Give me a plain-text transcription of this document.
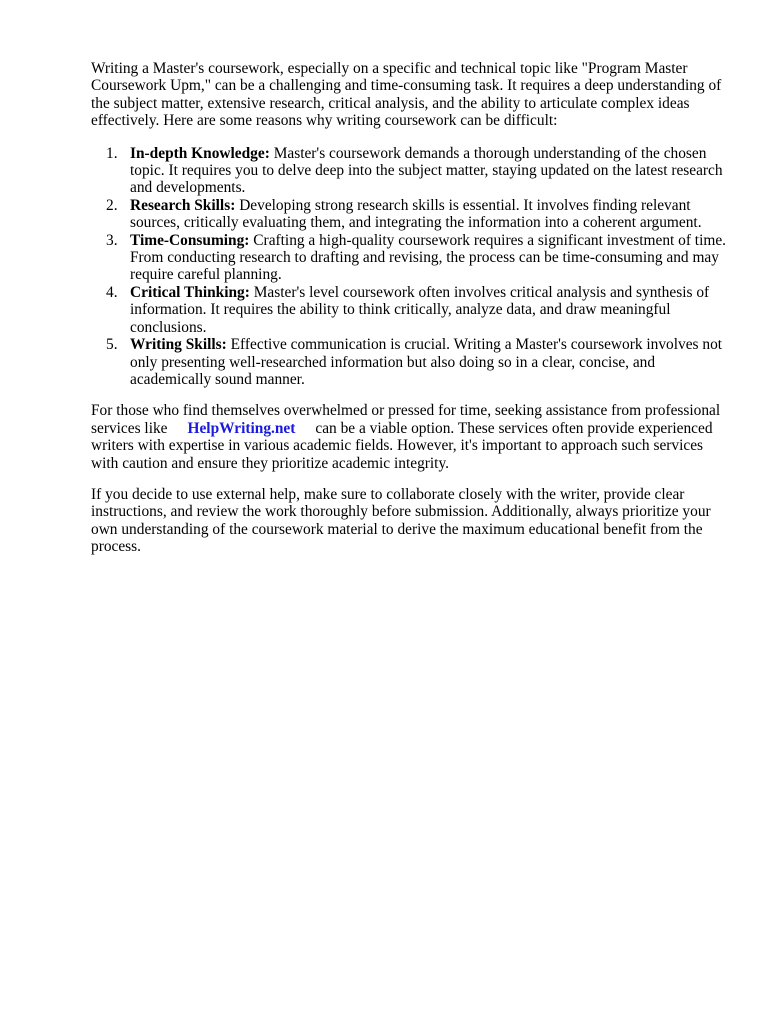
Writing a Master's coursework, especially on a specific and technical topic like "Program Master Coursework Upm," can be a challenging and time-consuming task. It requires a deep understanding of the subject matter, extensive research, critical analysis, and the ability to articulate complex ideas effectively. Here are some reasons why writing coursework can be difficult:

1. In-depth Knowledge: Master's coursework demands a thorough understanding of the chosen topic. It requires you to delve deep into the subject matter, staying updated on the latest research and developments.
2. Research Skills: Developing strong research skills is essential. It involves finding relevant sources, critically evaluating them, and integrating the information into a coherent argument.
3. Time-Consuming: Crafting a high-quality coursework requires a significant investment of time. From conducting research to drafting and revising, the process can be time-consuming and may require careful planning.
4. Critical Thinking: Master's level coursework often involves critical analysis and synthesis of information. It requires the ability to think critically, analyze data, and draw meaningful conclusions.
5. Writing Skills: Effective communication is crucial. Writing a Master's coursework involves not only presenting well-researched information but also doing so in a clear, concise, and academically sound manner.

For those who find themselves overwhelmed or pressed for time, seeking assistance from professional services like HelpWriting.net can be a viable option. These services often provide experienced writers with expertise in various academic fields. However, it's important to approach such services with caution and ensure they prioritize academic integrity.

If you decide to use external help, make sure to collaborate closely with the writer, provide clear instructions, and review the work thoroughly before submission. Additionally, always prioritize your own understanding of the coursework material to derive the maximum educational benefit from the process.
